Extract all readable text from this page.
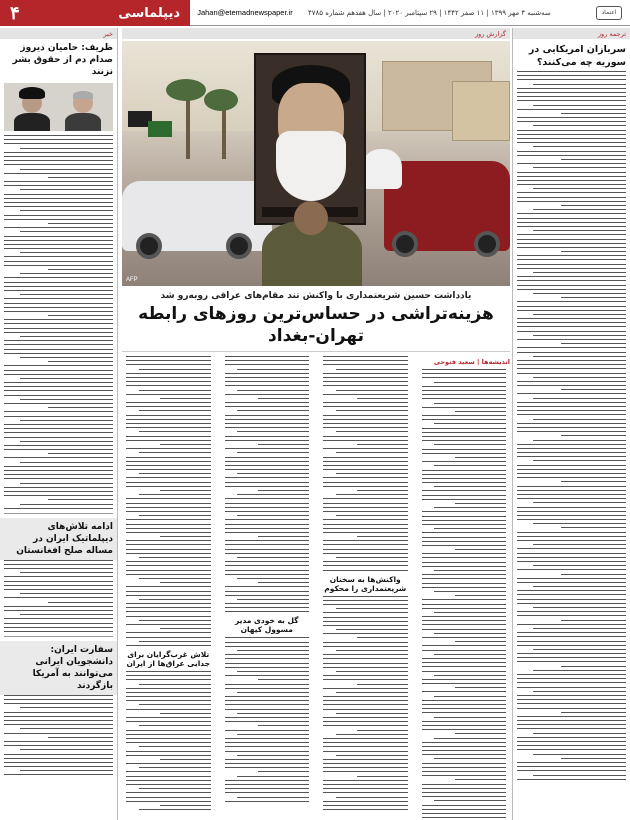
اعتماد
سه‌شنبه ۴ مهر ۱۳۹۹ | ۱۱ صفر ۱۴۴۲ | ۲۹ سپتامبر ۲۰۲۰ | سال هفدهم شماره ۴۷۸۵
Jahan@etemadnewspaper.ir
دیپلماسی
۴
ترجمه روز
سربازان امریکایی در سوریه چه می‌کنند؟
گزارش روز
AFP
یادداشت حسین شریعتمداری با واکنش تند مقام‌های عراقی روبه‌رو شد
هزینه‌تراشی در حساس‌ترین روزهای رابطه تهران-بغداد
اندیشه‌ها | سعید فتوحی
واکنش‌ها به سخنان شریعتمداری را محکوم
گل به خودی مدیر مسوول کیهان
تلاش غرب‌گرایان برای جدایی عراق‌ها از ایران
خبر
ظریف: حامیان دیروز صدام دم از حقوق بشر نزنند
ادامه تلاش‌های دیپلماتیک ایران در مساله صلح افغانستان
سفارت ایران: دانشجویان ایرانی می‌توانند به آمریکا بازگردند
